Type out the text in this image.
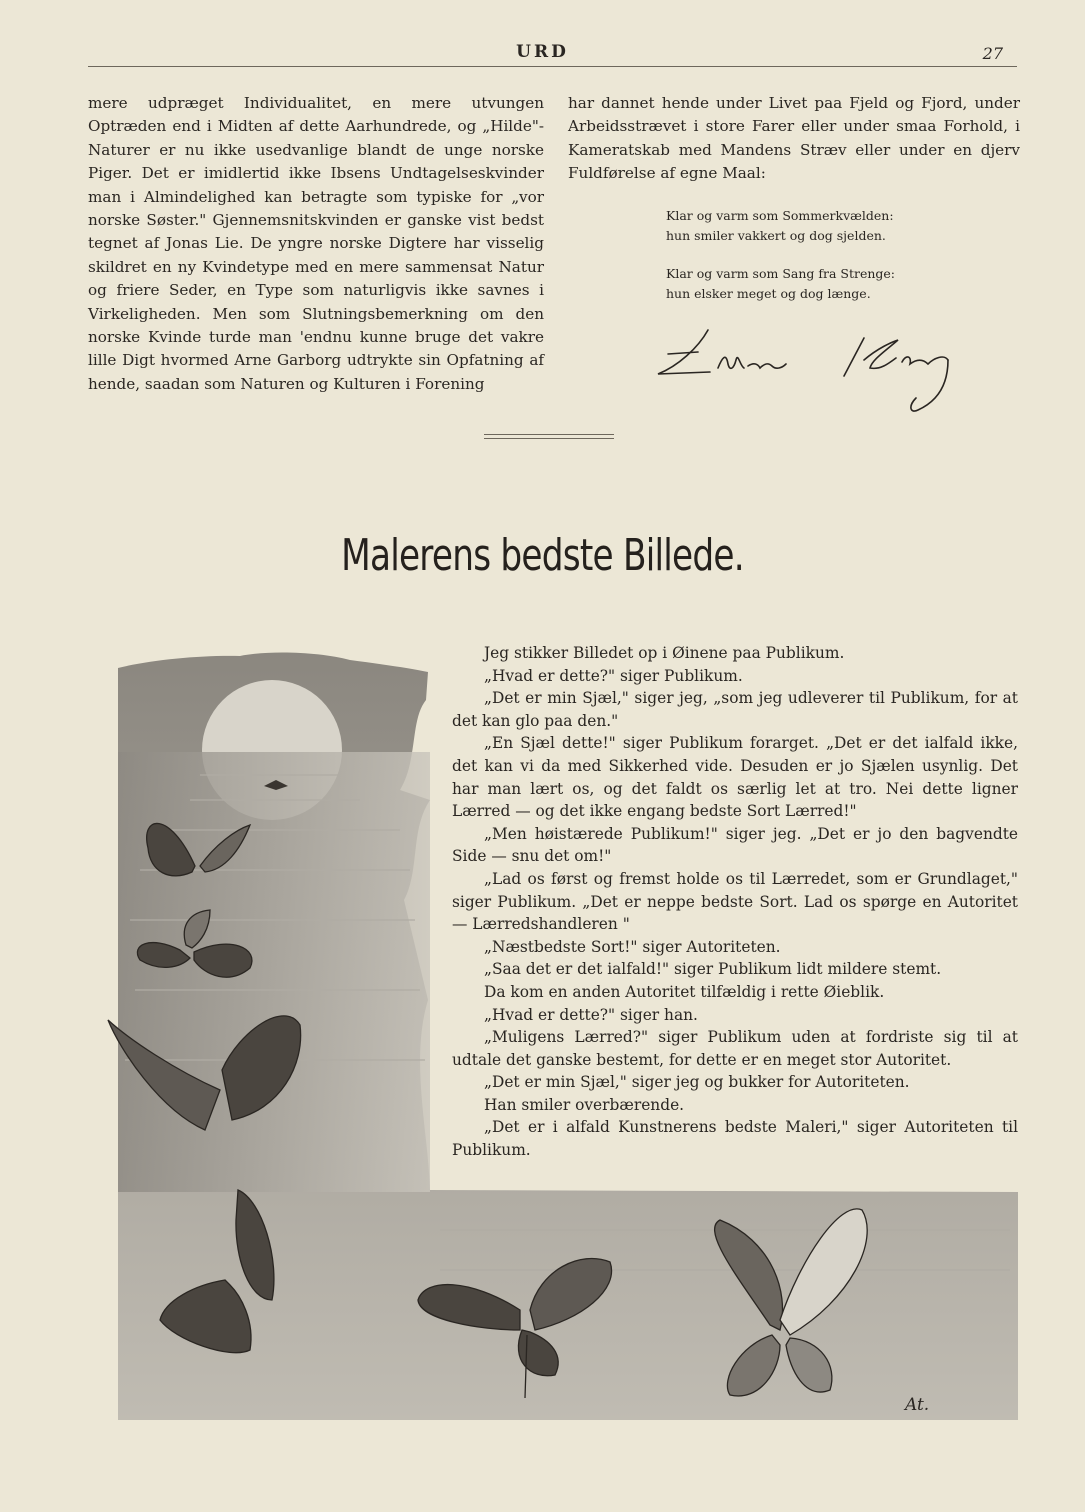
URD	27

mere udpræget Individualitet, en mere utvungen Optræden end i Midten af dette Aarhundrede, og „Hilde"-Naturer er nu ikke usedvanlige blandt de unge norske Piger. Det er imidlertid ikke Ibsens Undtagelseskvinder man i Almindelighed kan betragte som typiske for „vor norske Søster." Gjennemsnitskvinden er ganske vist bedst tegnet af Jonas Lie. De yngre norske Digtere har visselig skildret en ny Kvindetype med en mere sammensat Natur og friere Seder, en Type som naturligvis ikke savnes i Virkeligheden. Men som Slutningsbemerkning om den norske Kvinde turde man 'endnu kunne bruge det vakre lille Digt hvormed Arne Garborg udtrykte sin Opfatning af hende, saadan som Naturen og Kulturen i Forening

har dannet hende under Livet paa Fjeld og Fjord, under Arbeidsstrævet i store Farer eller under smaa Forhold, i Kameratskab med Mandens Stræv eller under en djerv Fuldførelse af egne Maal:

Klar og varm som Sommerkvælden:
hun smiler vakkert og dog sjelden.
Klar og varm som Sang fra Strenge:
hun elsker meget og dog længe.
Malerens bedste Billede.
At.

Jeg stikker Billedet op i Øinene paa Publikum.

„Hvad er dette?" siger Publikum.

„Det er min Sjæl," siger jeg, „som jeg udleverer til Publikum, for at det kan glo paa den."

„En Sjæl dette!" siger Publikum forarget. „Det er det ialfald ikke, det kan vi da med Sikkerhed vide. Desuden er jo Sjælen usynlig. Det har man lært os, og det faldt os særlig let at tro. Nei dette ligner Lærred — og det ikke engang bedste Sort Lærred!"

„Men høistærede Publikum!" siger jeg. „Det er jo den bagvendte Side — snu det om!"

„Lad os først og fremst holde os til Lærredet, som er Grundlaget," siger Publikum. „Det er neppe bedste Sort. Lad os spørge en Autoritet — Lærredshandleren "

„Næstbedste Sort!" siger Autoriteten.

„Saa det er det ialfald!" siger Publikum lidt mildere stemt.

Da kom en anden Autoritet tilfældig i rette Øieblik.

„Hvad er dette?" siger han.

„Muligens Lærred?" siger Publikum uden at fordriste sig til at udtale det ganske bestemt, for dette er en meget stor Autoritet.

„Det er min Sjæl," siger jeg og bukker for Autoriteten.

Han smiler overbærende.

„Det er i alfald Kunstnerens bedste Maleri," siger Autoriteten til Publikum.
